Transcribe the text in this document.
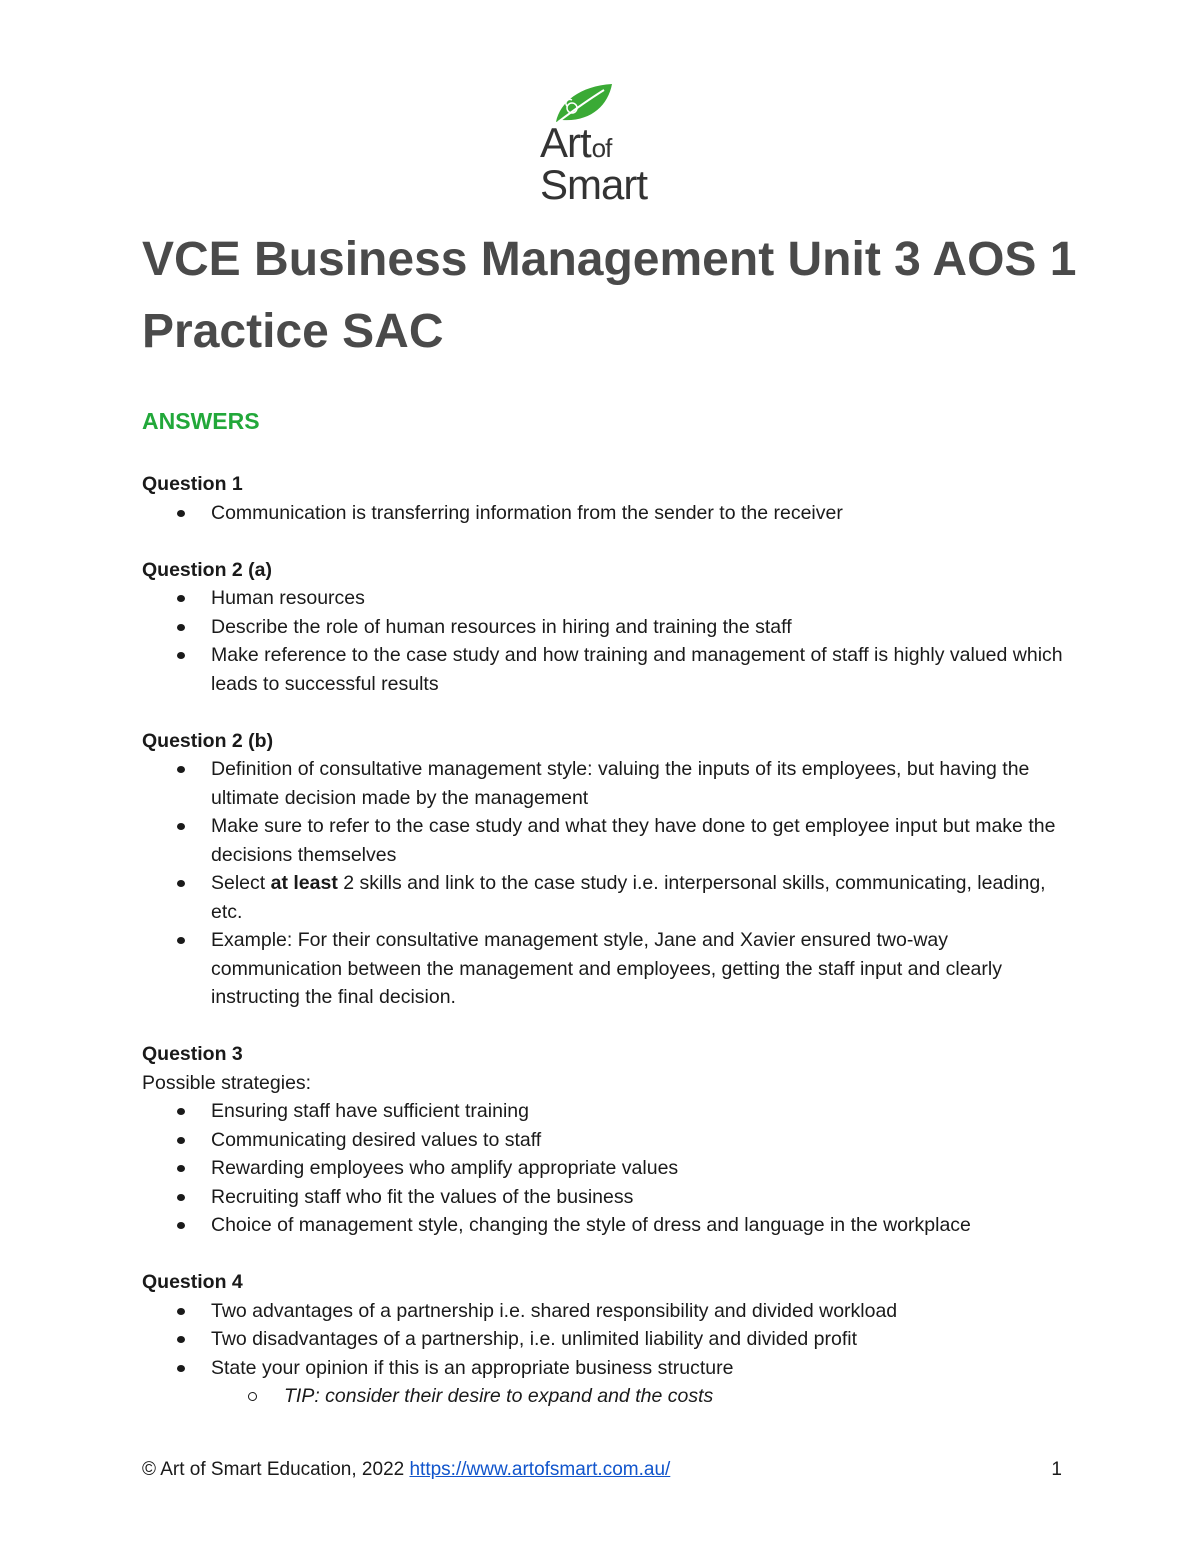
Artof
Smart
VCE Business Management Unit 3 AOS 1 Practice SAC
ANSWERS

Question 1

Communication is transferring information from the sender to the receiver

Question 2 (a)

Human resources
Describe the role of human resources in hiring and training the staff
Make reference to the case study and how training and management of staff is highly valued which leads to successful results

Question 2 (b)

Definition of consultative management style: valuing the inputs of its employees, but having the ultimate decision made by the management
Make sure to refer to the case study and what they have done to get employee input but make the decisions themselves
Select at least 2 skills and link to the case study i.e. interpersonal skills, communicating, leading, etc.
Example: For their consultative management style, Jane and Xavier ensured two-way communication between the management and employees, getting the staff input and clearly instructing the final decision.

Question 3

Possible strategies:

Ensuring staff have sufficient training
Communicating desired values to staff
Rewarding employees who amplify appropriate values
Recruiting staff who fit the values of the business
Choice of management style, changing the style of dress and language in the workplace

Question 4

Two advantages of a partnership i.e. shared responsibility and divided workload
Two disadvantages of a partnership, i.e. unlimited liability and divided profit
State your opinion if this is an appropriate business structure
TIP: consider their desire to expand and the costs
© Art of Smart Education, 2022 https://www.artofsmart.com.au/	1
